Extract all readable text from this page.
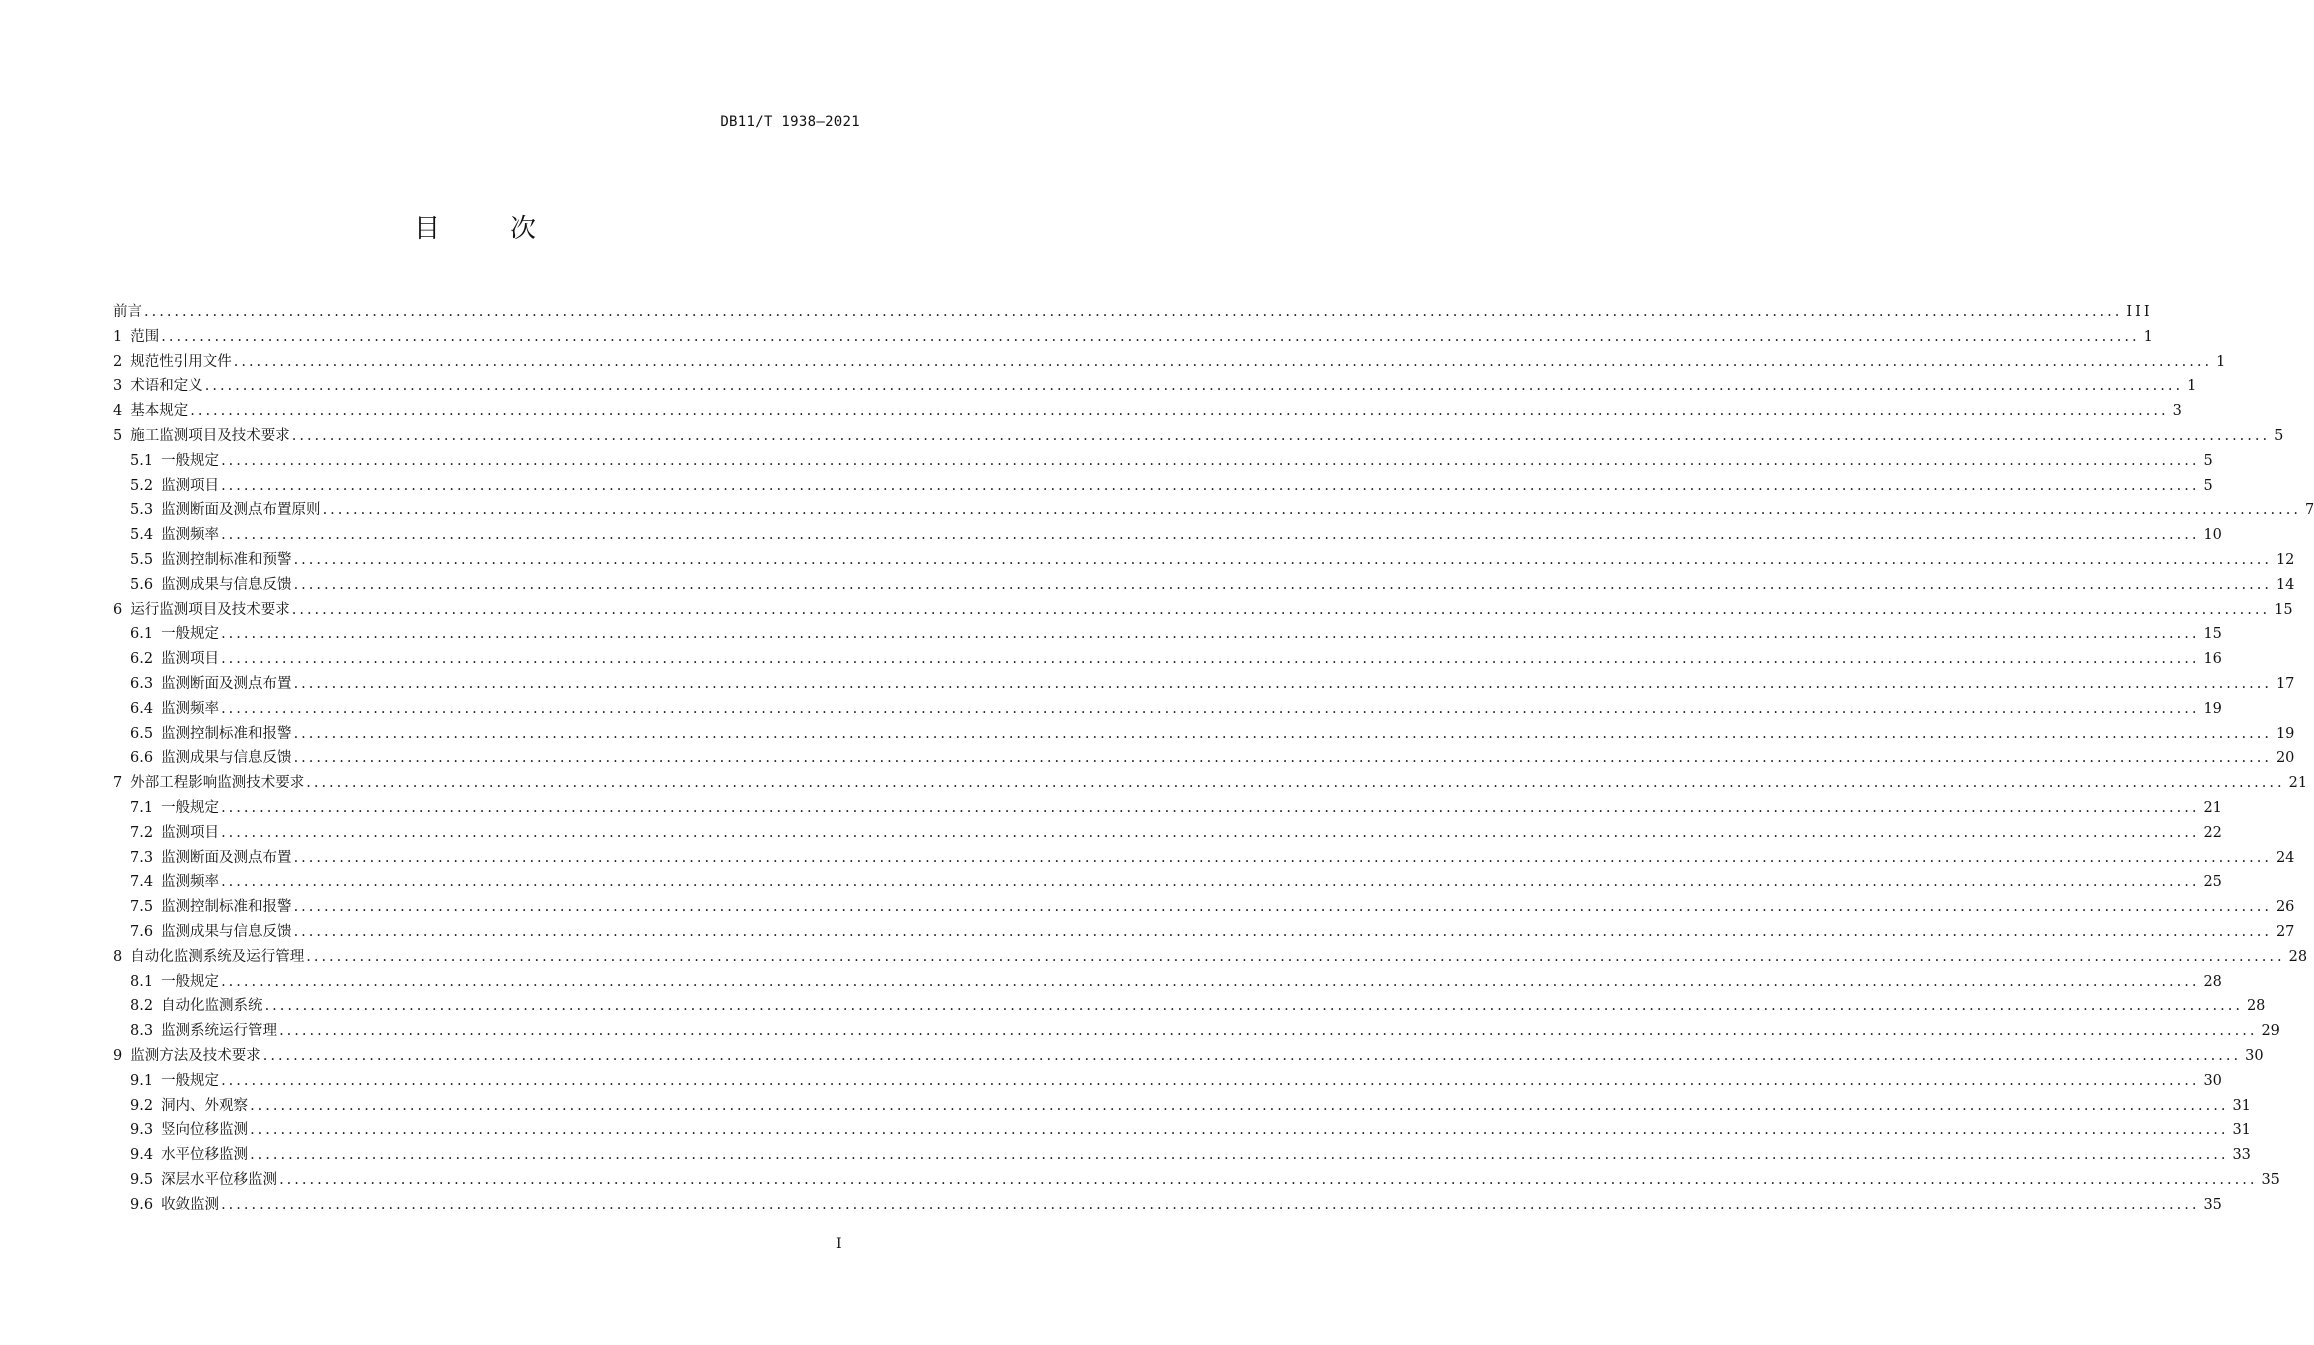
DB11/T 1938—2021
目次
前言 .................................................................................................................................................................................................................................................................... III
1 范围 .................................................................................................................................................................................................................................................................... 1
2 规范性引用文件 .................................................................................................................................................................................................................................................................... 1
3 术语和定义 .................................................................................................................................................................................................................................................................... 1
4 基本规定 .................................................................................................................................................................................................................................................................... 3
5 施工监测项目及技术要求 .................................................................................................................................................................................................................................................................... 5
5.1 一般规定 .................................................................................................................................................................................................................................................................... 5
5.2 监测项目 .................................................................................................................................................................................................................................................................... 5
5.3 监测断面及测点布置原则 .................................................................................................................................................................................................................................................................... 7
5.4 监测频率 .................................................................................................................................................................................................................................................................... 10
5.5 监测控制标准和预警 .................................................................................................................................................................................................................................................................... 12
5.6 监测成果与信息反馈 .................................................................................................................................................................................................................................................................... 14
6 运行监测项目及技术要求 .................................................................................................................................................................................................................................................................... 15
6.1 一般规定 .................................................................................................................................................................................................................................................................... 15
6.2 监测项目 .................................................................................................................................................................................................................................................................... 16
6.3 监测断面及测点布置 .................................................................................................................................................................................................................................................................... 17
6.4 监测频率 .................................................................................................................................................................................................................................................................... 19
6.5 监测控制标准和报警 .................................................................................................................................................................................................................................................................... 19
6.6 监测成果与信息反馈 .................................................................................................................................................................................................................................................................... 20
7 外部工程影响监测技术要求 .................................................................................................................................................................................................................................................................... 21
7.1 一般规定 .................................................................................................................................................................................................................................................................... 21
7.2 监测项目 .................................................................................................................................................................................................................................................................... 22
7.3 监测断面及测点布置 .................................................................................................................................................................................................................................................................... 24
7.4 监测频率 .................................................................................................................................................................................................................................................................... 25
7.5 监测控制标准和报警 .................................................................................................................................................................................................................................................................... 26
7.6 监测成果与信息反馈 .................................................................................................................................................................................................................................................................... 27
8 自动化监测系统及运行管理 .................................................................................................................................................................................................................................................................... 28
8.1 一般规定 .................................................................................................................................................................................................................................................................... 28
8.2 自动化监测系统 .................................................................................................................................................................................................................................................................... 28
8.3 监测系统运行管理 .................................................................................................................................................................................................................................................................... 29
9 监测方法及技术要求 .................................................................................................................................................................................................................................................................... 30
9.1 一般规定 .................................................................................................................................................................................................................................................................... 30
9.2 洞内、外观察 .................................................................................................................................................................................................................................................................... 31
9.3 竖向位移监测 .................................................................................................................................................................................................................................................................... 31
9.4 水平位移监测 .................................................................................................................................................................................................................................................................... 33
9.5 深层水平位移监测 .................................................................................................................................................................................................................................................................... 35
9.6 收敛监测 .................................................................................................................................................................................................................................................................... 35
I
